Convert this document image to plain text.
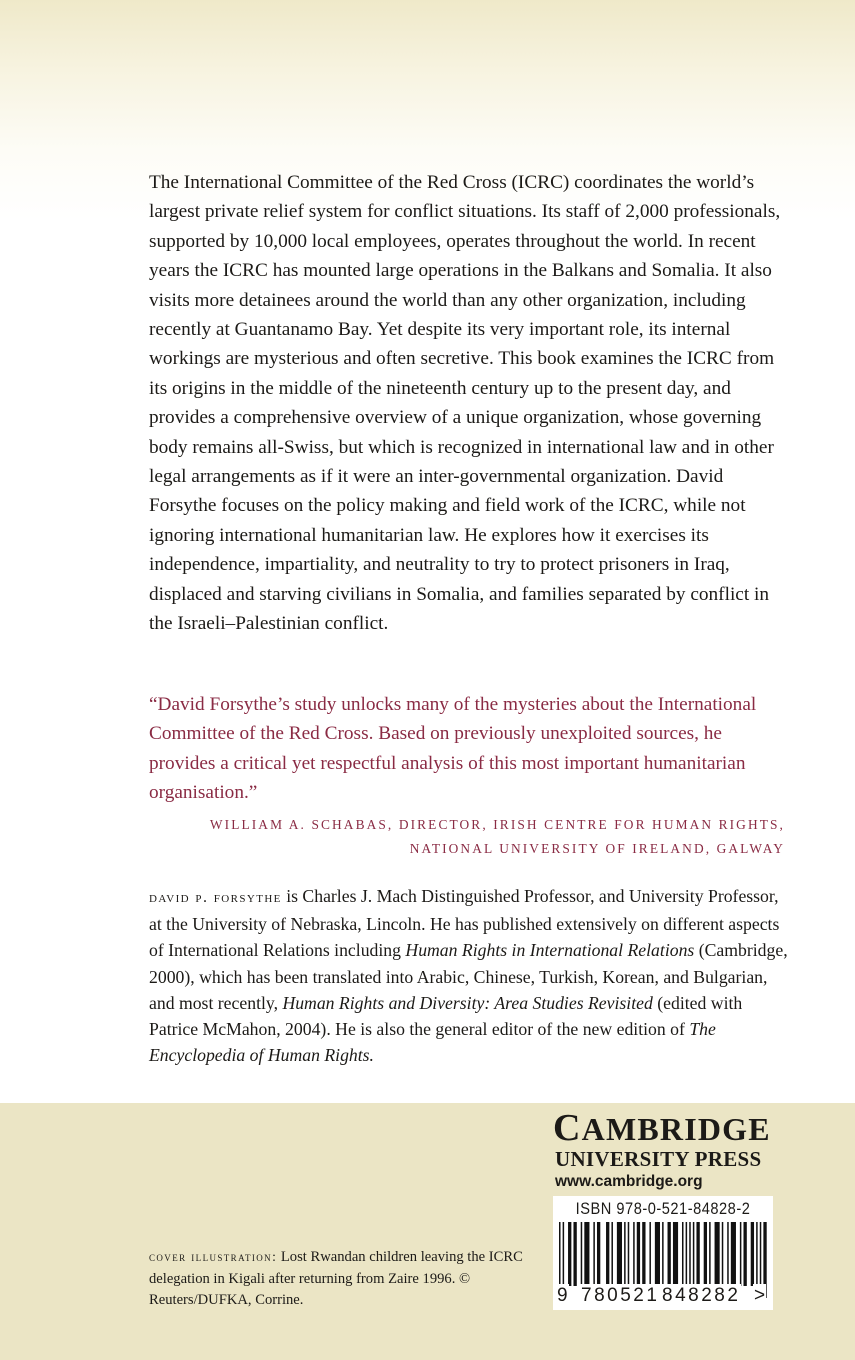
The International Committee of the Red Cross (ICRC) coordinates the world’s largest private relief system for conflict situations. Its staff of 2,000 professionals, supported by 10,000 local employees, operates throughout the world. In recent years the ICRC has mounted large operations in the Balkans and Somalia. It also visits more detainees around the world than any other organization, including recently at Guantanamo Bay. Yet despite its very important role, its internal workings are mysterious and often secretive. This book examines the ICRC from its origins in the middle of the nineteenth century up to the present day, and provides a comprehensive overview of a unique organization, whose governing body remains all-Swiss, but which is recognized in international law and in other legal arrangements as if it were an inter-governmental organization. David Forsythe focuses on the policy making and field work of the ICRC, while not ignoring international humanitarian law. He explores how it exercises its independence, impartiality, and neutrality to try to protect prisoners in Iraq, displaced and starving civilians in Somalia, and families separated by conflict in the Israeli–Palestinian conflict.

“David Forsythe’s study unlocks many of the mysteries about the International Committee of the Red Cross. Based on previously unexploited sources, he provides a critical yet respectful analysis of this most important humanitarian organisation.”

WILLIAM A. SCHABAS, DIRECTOR, IRISH CENTRE FOR HUMAN RIGHTS,
NATIONAL UNIVERSITY OF IRELAND, GALWAY

david p. forsythe is Charles J. Mach Distinguished Professor, and University Professor, at the University of Nebraska, Lincoln. He has published extensively on different aspects of International Relations including Human Rights in International Relations (Cambridge, 2000), which has been translated into Arabic, Chinese, Turkish, Korean, and Bulgarian, and most recently, Human Rights and Diversity: Area Studies Revisited (edited with Patrice McMahon, 2004). He is also the general editor of the new edition of The Encyclopedia of Human Rights.

cover illustration: Lost Rwandan children leaving the ICRC delegation in Kigali after returning from Zaire 1996. © Reuters/DUFKA, Corrine.

CAMBRIDGE
UNIVERSITY PRESS
www.cambridge.org
ISBN 978-0-521-84828-2
9 780521 848282 >
